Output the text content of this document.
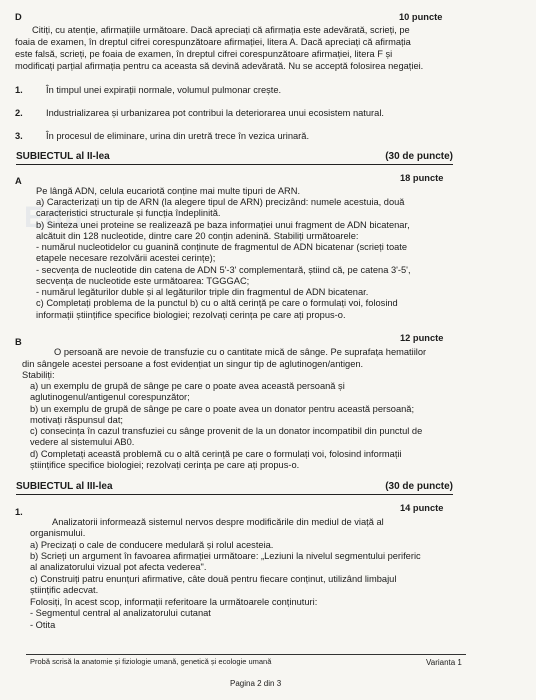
Edu
D	10 puncte
Citiți, cu atenție, afirmațiile următoare. Dacă apreciați că afirmația este adevărată, scrieți, pe
foaia de examen, în dreptul cifrei corespunzătoare afirmației, litera A. Dacă apreciați că afirmația
este falsă, scrieți, pe foaia de examen, în dreptul cifrei corespunzătoare afirmației, litera F și
modificați parțial afirmația pentru ca aceasta să devină adevărată. Nu se acceptă folosirea negației.
1. În timpul unei expirații normale, volumul pulmonar crește.
2. Industrializarea și urbanizarea pot contribui la deteriorarea unui ecosistem natural.
3. În procesul de eliminare, urina din uretră trece în vezica urinară.
SUBIECTUL al II-lea	(30 de puncte)
A	18 puncte
Pe lângă ADN, celula eucariotă conține mai multe tipuri de ARN.
a) Caracterizați un tip de ARN (la alegere tipul de ARN) precizând: numele acestuia, două
caracteristici structurale și funcția îndeplinită.
b) Sinteza unei proteine se realizează pe baza informației unui fragment de ADN bicatenar,
alcătuit din 128 nucleotide, dintre care 20 conțin adenină. Stabiliți următoarele:
- numărul nucleotidelor cu guanină conținute de fragmentul de ADN bicatenar (scrieți toate
etapele necesare rezolvării acestei cerințe);
- secvența de nucleotide din catena de ADN 5'-3' complementară, știind că, pe catena 3'-5',
secvența de nucleotide este următoarea: TGGGAC;
- numărul legăturilor duble și al legăturilor triple din fragmentul de ADN bicatenar.
c) Completați problema de la punctul b) cu o altă cerință pe care o formulați voi, folosind
informații științifice specifice biologiei; rezolvați cerința pe care ați propus-o.
B	12 puncte
O persoană are nevoie de transfuzie cu o cantitate mică de sânge. Pe suprafața hematiilor
din sângele acestei persoane a fost evidențiat un singur tip de aglutinogen/antigen.
Stabiliți:
a) un exemplu de grupă de sânge pe care o poate avea această persoană și
aglutinogenul/antigenul corespunzător;
b) un exemplu de grupă de sânge pe care o poate avea un donator pentru această persoană;
motivați răspunsul dat;
c) consecința în cazul transfuziei cu sânge provenit de la un donator incompatibil din punctul de
vedere al sistemului AB0.
d) Completați această problemă cu o altă cerință pe care o formulați voi, folosind informații
științifice specifice biologiei; rezolvați cerința pe care ați propus-o.
SUBIECTUL al III-lea	(30 de puncte)
1.	14 puncte
Analizatorii informează sistemul nervos despre modificările din mediul de viață al
organismului.
a) Precizați o cale de conducere medulară și rolul acesteia.
b) Scrieți un argument în favoarea afirmației următoare: „Leziuni la nivelul segmentului periferic
al analizatorului vizual pot afecta vederea".
c) Construiți patru enunțuri afirmative, câte două pentru fiecare conținut, utilizând limbajul
științific adecvat.
Folosiți, în acest scop, informații referitoare la următoarele conținuturi:
- Segmentul central al analizatorului cutanat
- Otita
Probă scrisă la anatomie și fiziologie umană, genetică și ecologie umană	Varianta 1
Pagina 2 din 3
